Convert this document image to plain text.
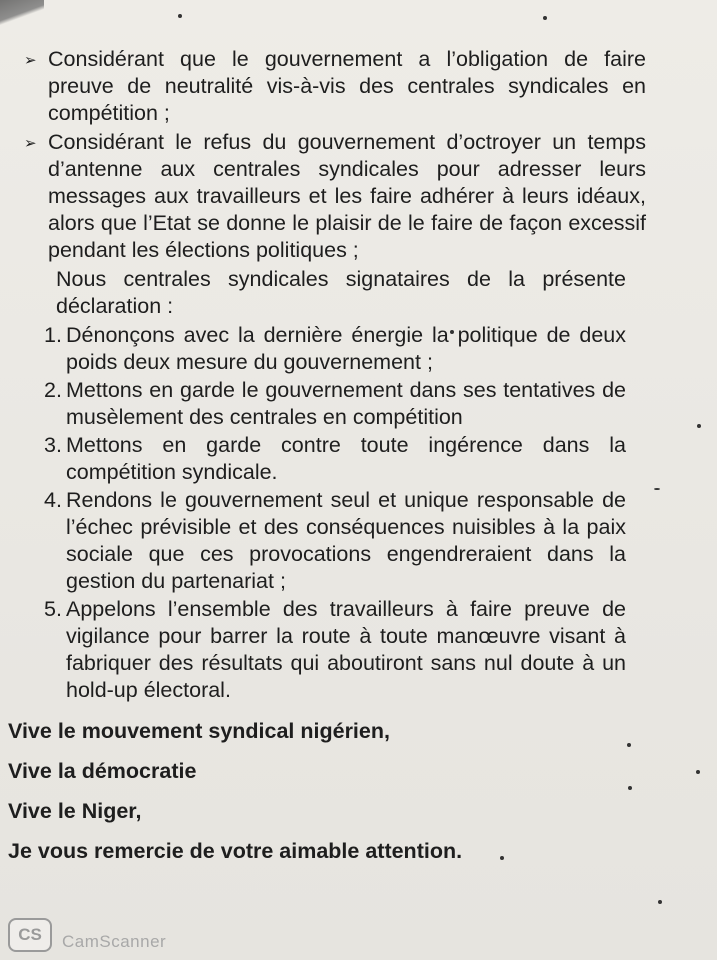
➢ Considérant que le gouvernement a l’obligation de faire preuve de neutralité vis-à-vis des centrales syndicales en compétition ;
➢ Considérant le refus du gouvernement d’octroyer un temps d’antenne aux centrales syndicales pour adresser leurs messages aux travailleurs et les faire adhérer à leurs idéaux, alors que l’Etat se donne le plaisir de le faire de façon excessif pendant les élections politiques ;
Nous centrales syndicales signataires de la présente déclaration :
1. Dénonçons avec la dernière énergie la politique de deux poids deux mesure du gouvernement ;
2. Mettons en garde le gouvernement dans ses tentatives de musèlement des centrales en compétition
3. Mettons en garde contre toute ingérence dans la compétition syndicale.
4. Rendons le gouvernement seul et unique responsable de l’échec prévisible et des conséquences nuisibles à la paix sociale que ces provocations engendreraient dans la gestion du partenariat ;
5. Appelons l’ensemble des travailleurs à faire preuve de vigilance pour barrer la route à toute manœuvre visant à fabriquer des résultats qui aboutiront sans nul doute à un hold-up électoral.
Vive le mouvement syndical nigérien,
Vive la démocratie
Vive le Niger,
Je vous remercie de votre aimable attention.
CS	CamScanner
